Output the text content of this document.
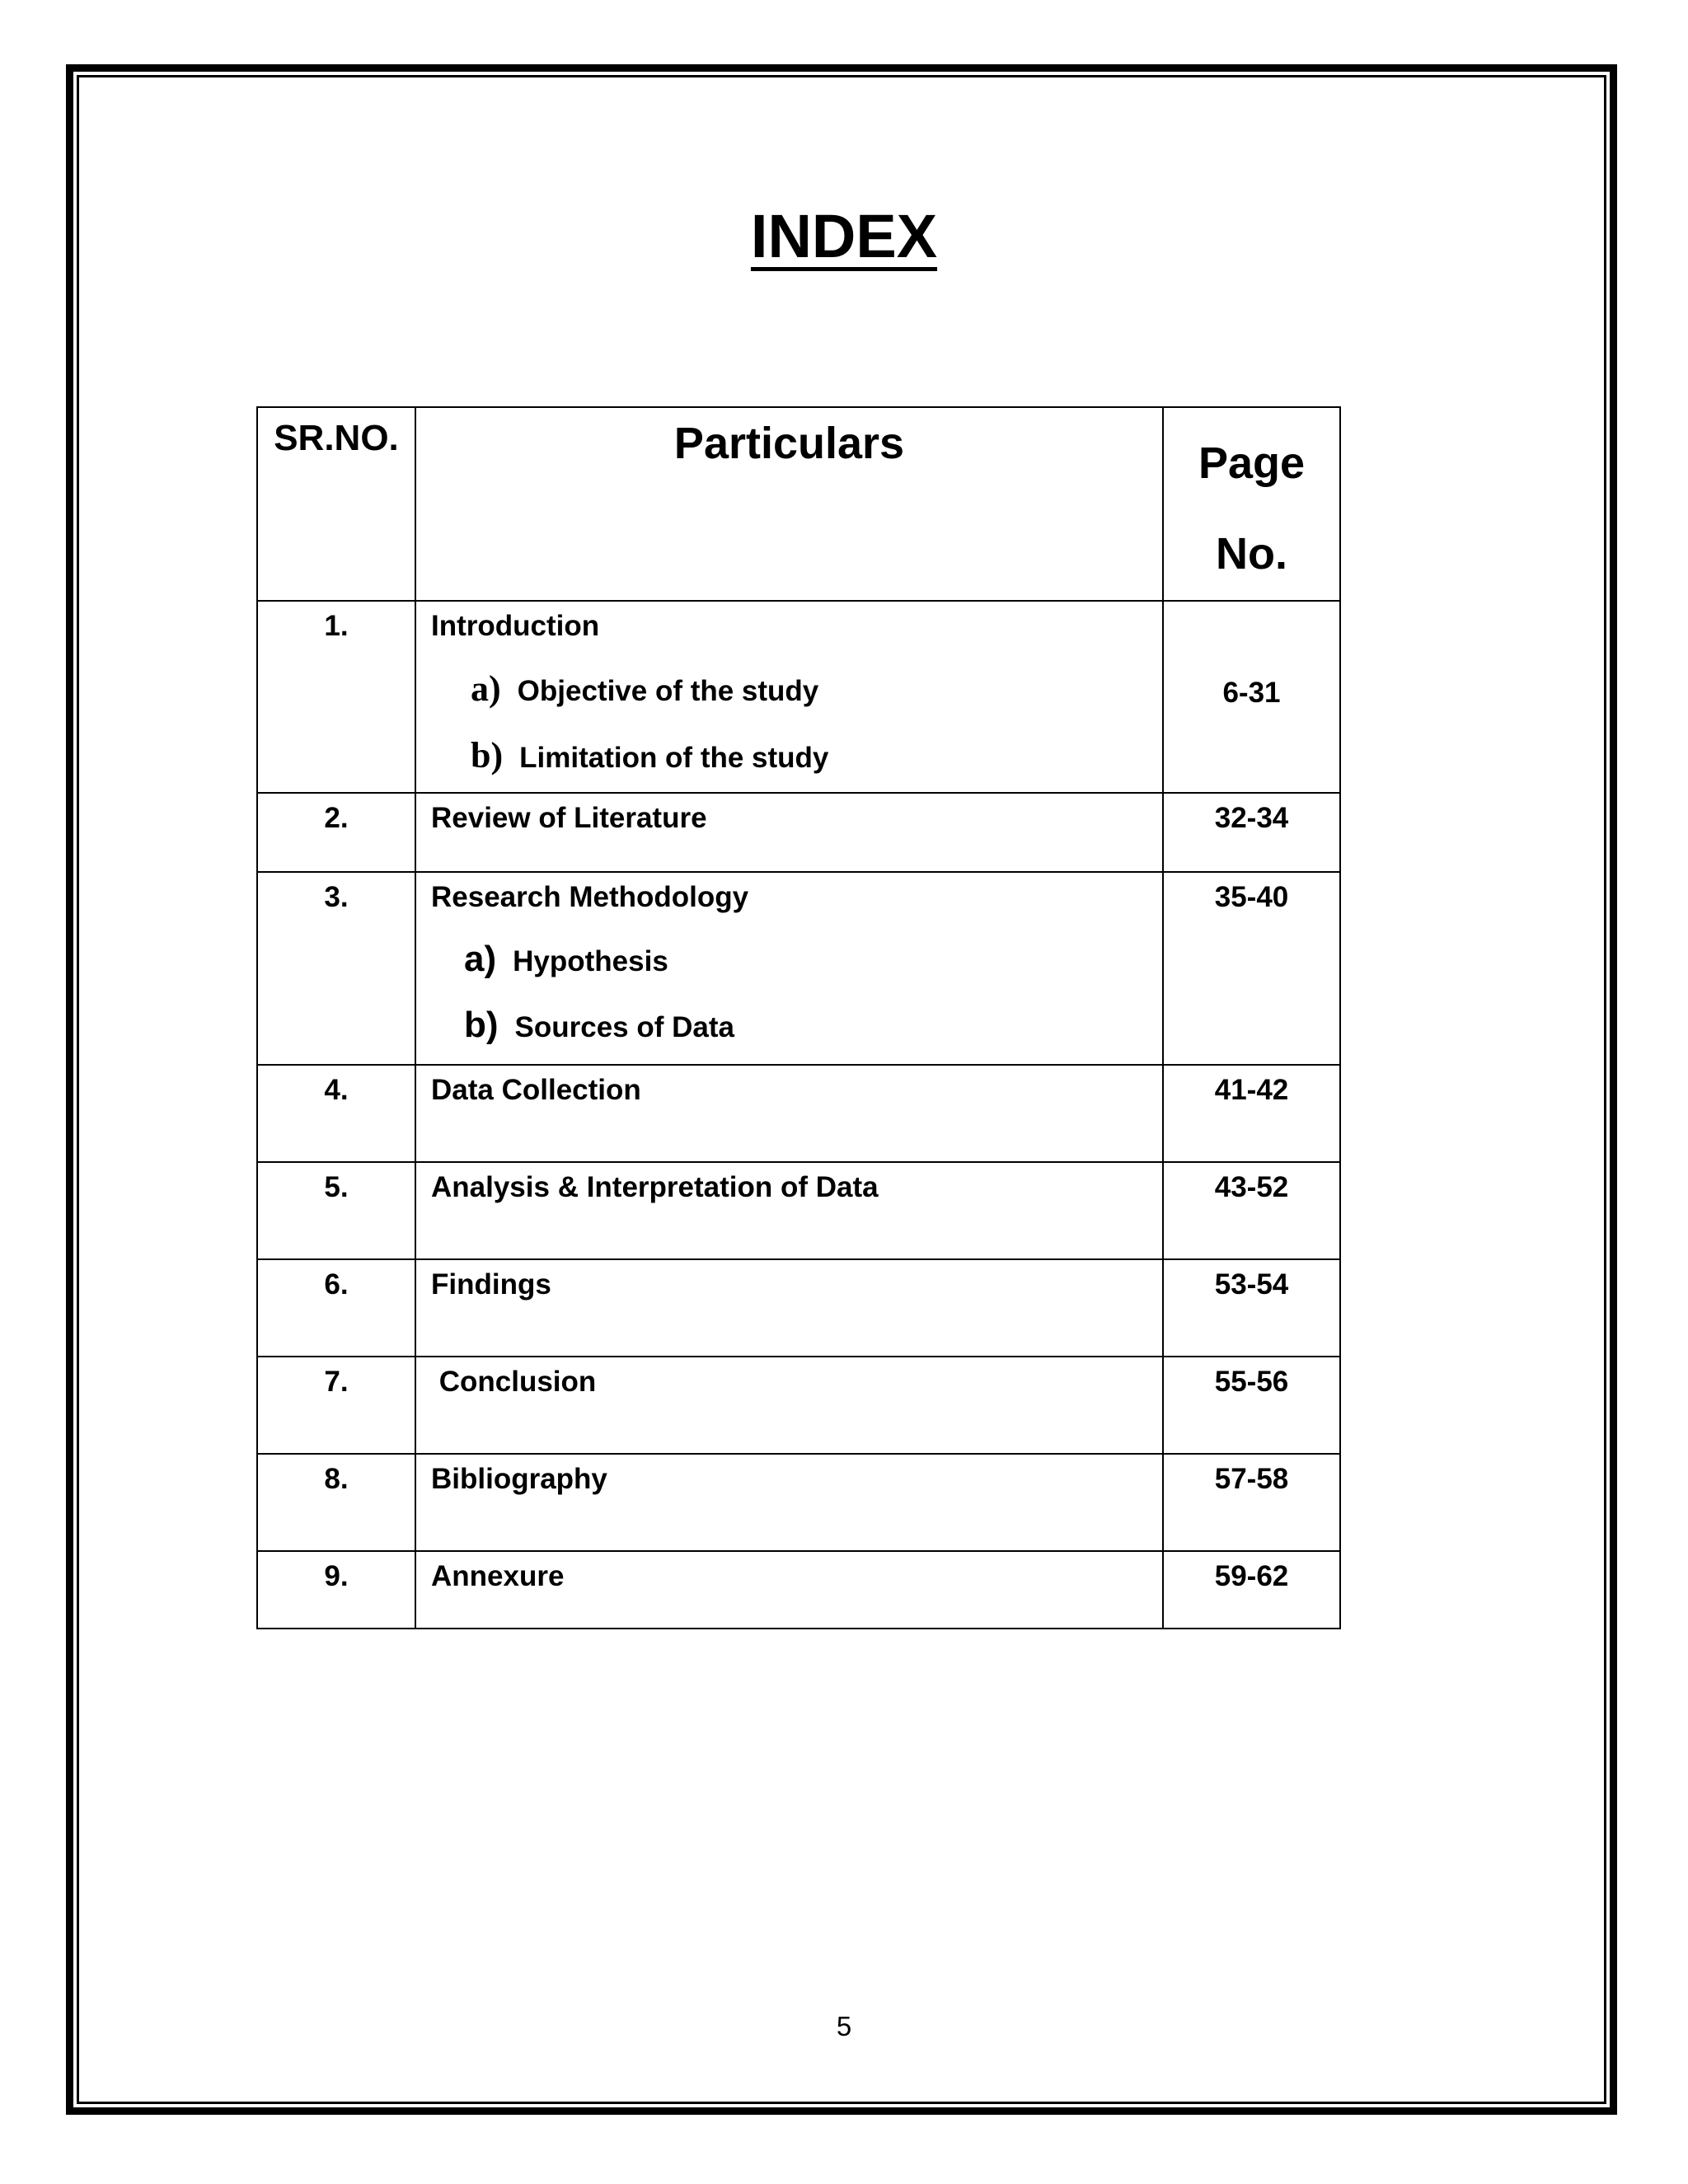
INDEX
SR.NO.	Particulars	Page
No.

1.	Introduction
a) Objective of the study
b) Limitation of the study	6-31
2.	Review of Literature	32-34
3.	Research Methodology
a) Hypothesis
b) Sources of Data	35-40
4.	Data Collection	41-42
5.	Analysis & Interpretation of Data	43-52
6.	Findings	53-54
7.	Conclusion	55-56
8.	Bibliography	57-58
9.	Annexure	59-62
5
